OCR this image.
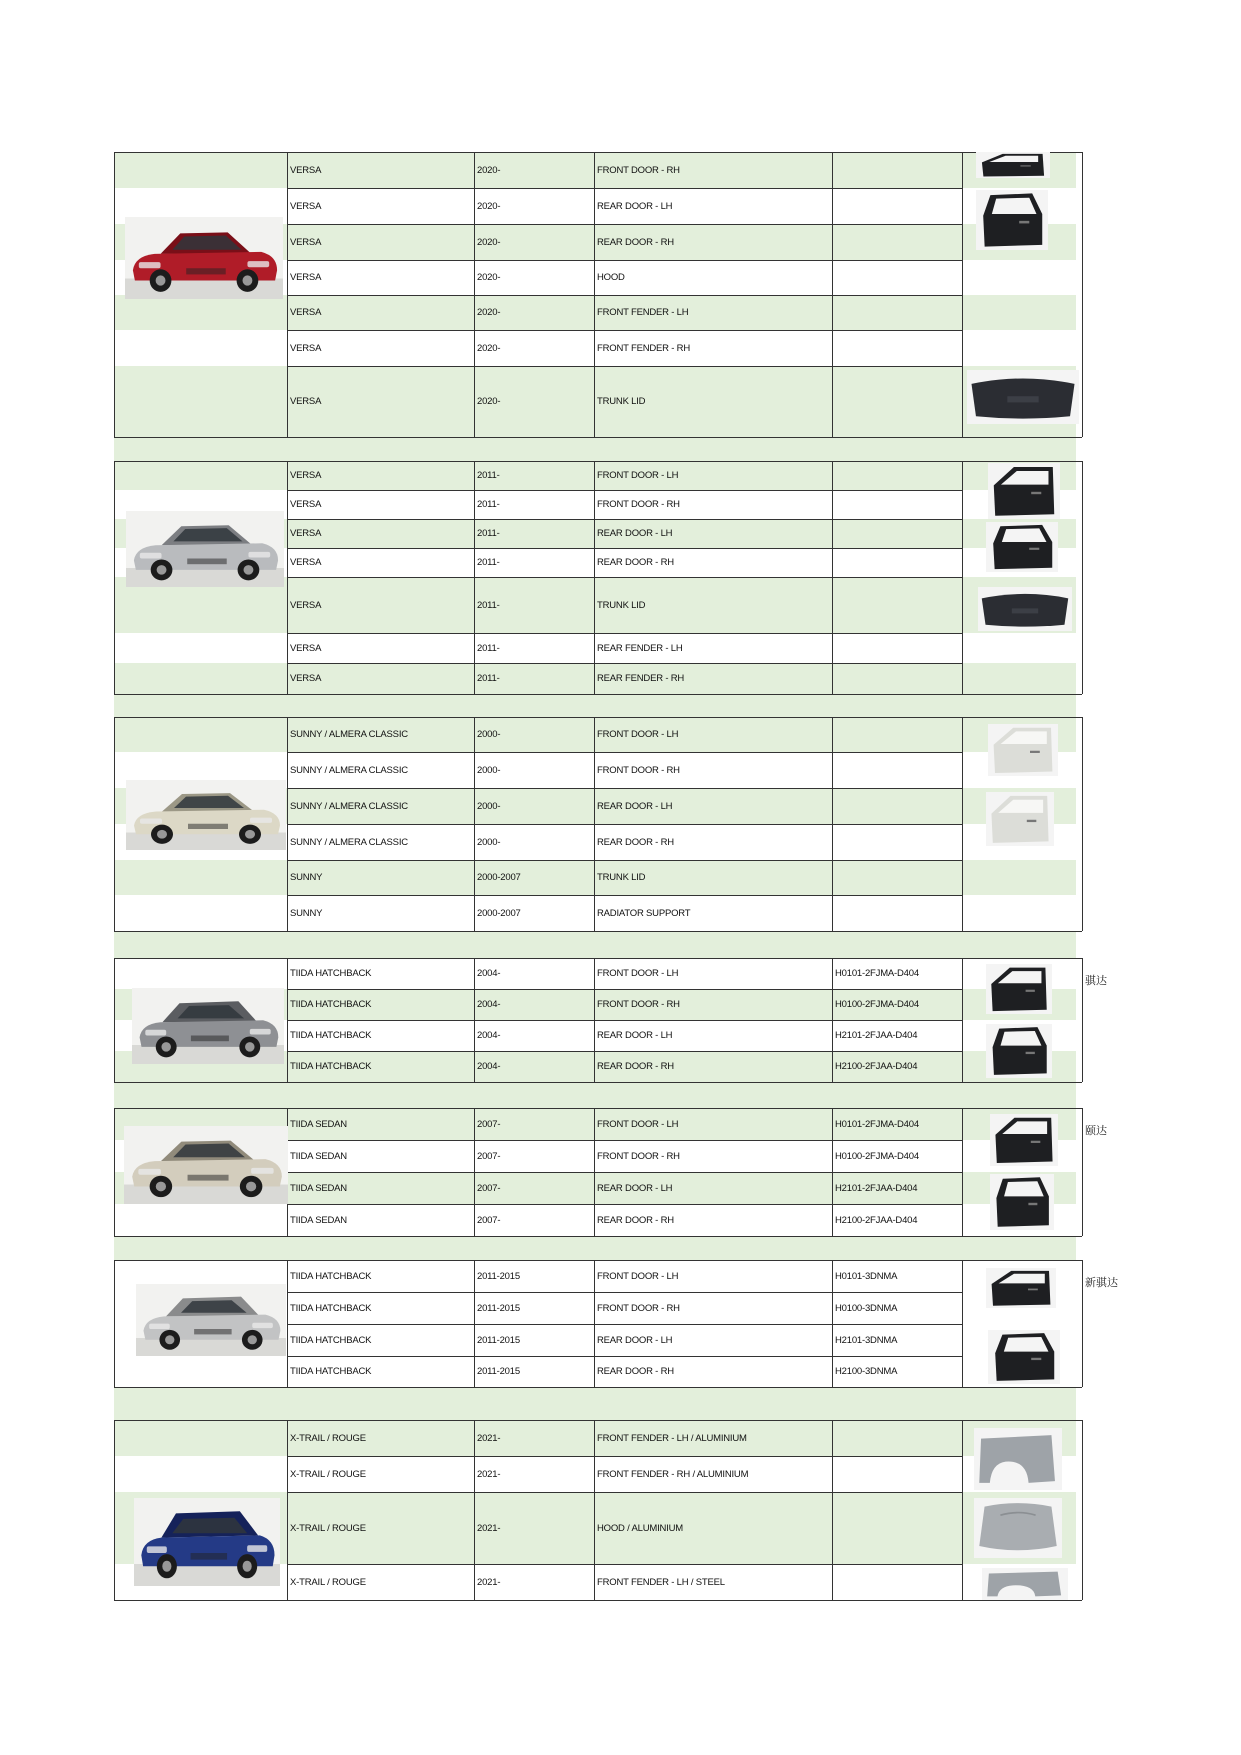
VERSA	2020-	FRONT DOOR - RH
VERSA	2020-	REAR DOOR - LH
VERSA	2020-	REAR DOOR - RH
VERSA	2020-	HOOD
VERSA	2020-	FRONT FENDER - LH
VERSA	2020-	FRONT FENDER - RH
VERSA	2020-	TRUNK LID
VERSA	2011-	FRONT DOOR - LH
VERSA	2011-	FRONT DOOR - RH
VERSA	2011-	REAR DOOR - LH
VERSA	2011-	REAR DOOR - RH
VERSA	2011-	TRUNK LID
VERSA	2011-	REAR FENDER - LH
VERSA	2011-	REAR FENDER - RH
SUNNY / ALMERA CLASSIC	2000-	FRONT DOOR - LH
SUNNY / ALMERA CLASSIC	2000-	FRONT DOOR - RH
SUNNY / ALMERA CLASSIC	2000-	REAR DOOR - LH
SUNNY / ALMERA CLASSIC	2000-	REAR DOOR - RH
SUNNY	2000-2007	TRUNK LID
SUNNY	2000-2007	RADIATOR SUPPORT
TIIDA HATCHBACK	2004-	FRONT DOOR - LH	H0101-2FJMA-D404
TIIDA HATCHBACK	2004-	FRONT DOOR - RH	H0100-2FJMA-D404
TIIDA HATCHBACK	2004-	REAR DOOR - LH	H2101-2FJAA-D404
TIIDA HATCHBACK	2004-	REAR DOOR - RH	H2100-2FJAA-D404
骐达
TIIDA SEDAN	2007-	FRONT DOOR - LH	H0101-2FJMA-D404
TIIDA SEDAN	2007-	FRONT DOOR - RH	H0100-2FJMA-D404
TIIDA SEDAN	2007-	REAR DOOR - LH	H2101-2FJAA-D404
TIIDA SEDAN	2007-	REAR DOOR - RH	H2100-2FJAA-D404
颐达
TIIDA HATCHBACK	2011-2015	FRONT DOOR - LH	H0101-3DNMA
TIIDA HATCHBACK	2011-2015	FRONT DOOR - RH	H0100-3DNMA
TIIDA HATCHBACK	2011-2015	REAR DOOR - LH	H2101-3DNMA
TIIDA HATCHBACK	2011-2015	REAR DOOR - RH	H2100-3DNMA
新骐达
X-TRAIL / ROUGE	2021-	FRONT FENDER - LH / ALUMINIUM
X-TRAIL / ROUGE	2021-	FRONT FENDER - RH / ALUMINIUM
X-TRAIL / ROUGE	2021-	HOOD / ALUMINIUM
X-TRAIL / ROUGE	2021-	FRONT FENDER - LH / STEEL
